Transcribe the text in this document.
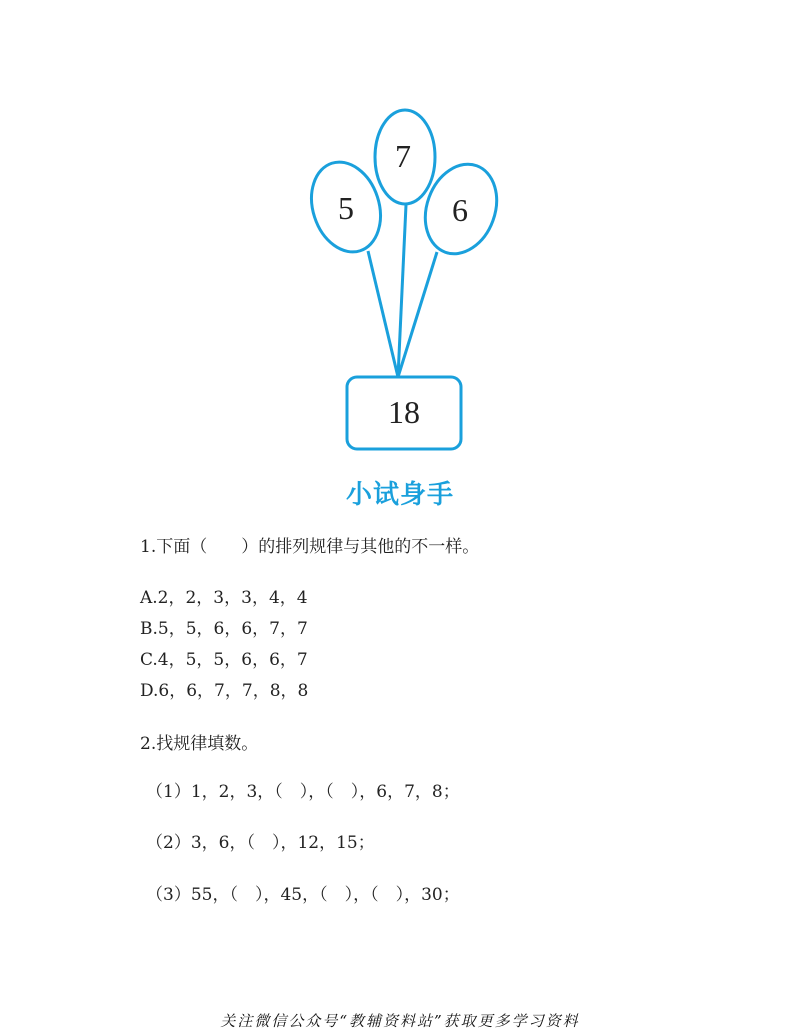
5
7
6
18
小试身手
1.下面（　　）的排列规律与其他的不一样。
A.2，2，3，3，4，4
B.5，5，6，6，7，7
C.4，5，5，6，6，7
D.6，6，7，7，8，8
2.找规律填数。
（1）1，2，3，（　），（　），6，7，8；
（2）3，6，（　），12，15；
（3）55，（　），45，（　），（　），30；
关注微信公众号“教辅资料站”获取更多学习资料
